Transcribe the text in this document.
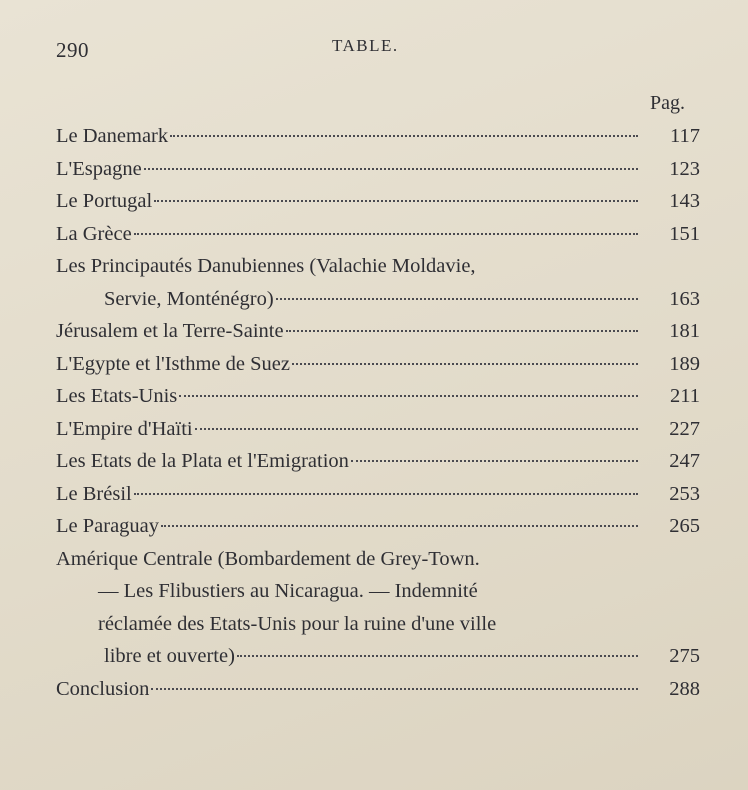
290	TABLE.
Pag.
Le Danemark	117
L'Espagne	123
Le Portugal	143
La Grèce	151
Les Principautés Danubiennes (Valachie Moldavie,
Servie, Monténégro)	163
Jérusalem et la Terre-Sainte	181
L'Egypte et l'Isthme de Suez	189
Les Etats-Unis	211
L'Empire d'Haïti	227
Les Etats de la Plata et l'Emigration	247
Le Brésil	253
Le Paraguay	265
Amérique Centrale (Bombardement de Grey-Town.
— Les Flibustiers au Nicaragua. — Indemnité
réclamée des Etats-Unis pour la ruine d'une ville
libre et ouverte)	275
Conclusion	288
